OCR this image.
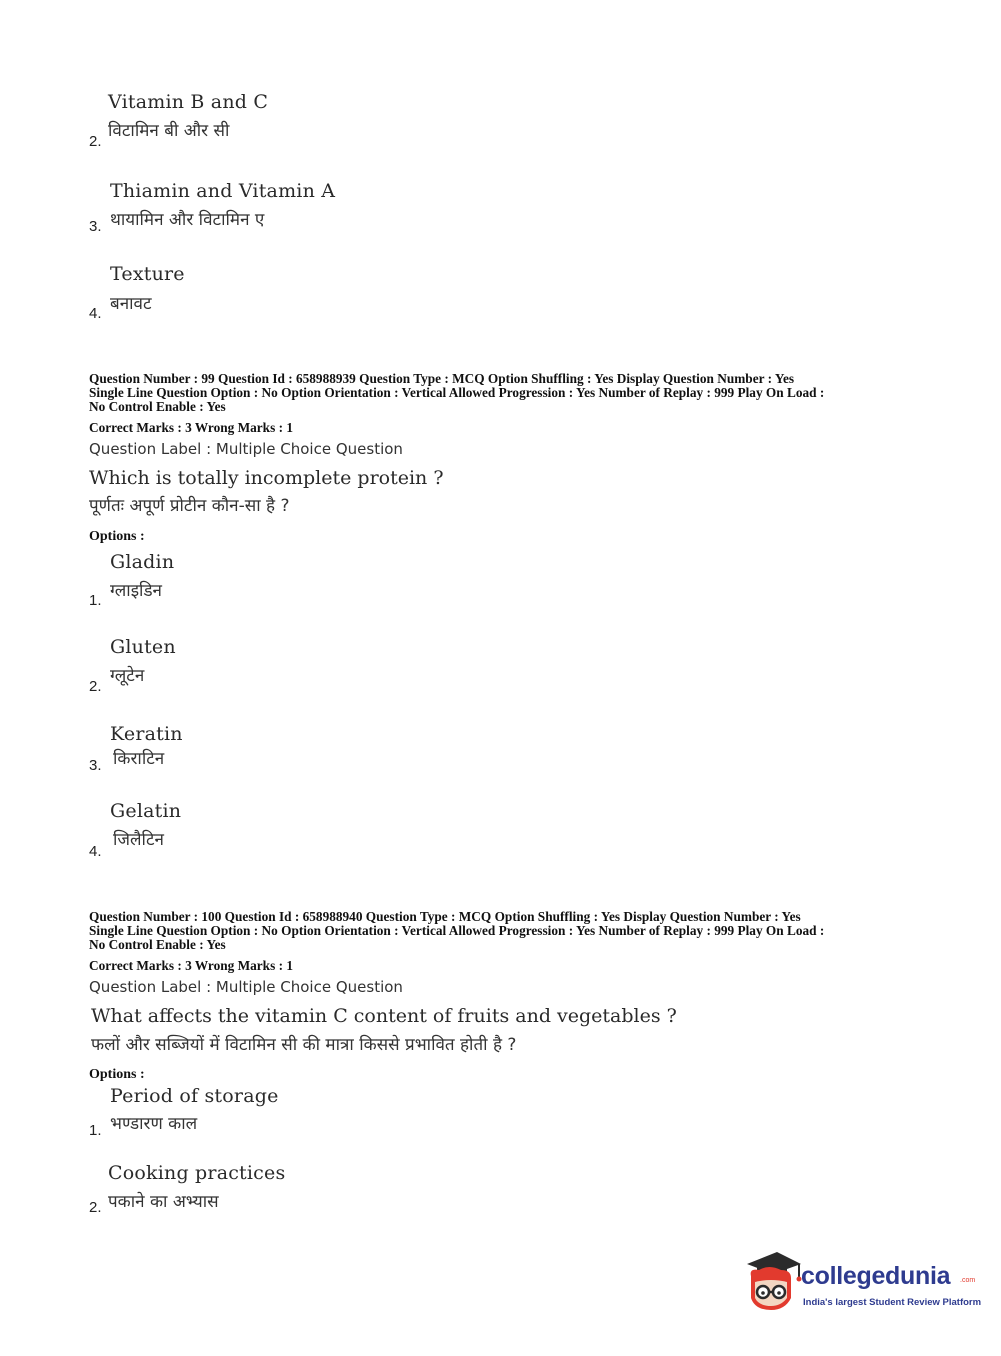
Vitamin B and C
विटामिन बी और सी
2.
Thiamin and Vitamin A
थायामिन और विटामिन ए
3.
Texture
बनावट
4.
Question Number : 99 Question Id : 658988939 Question Type : MCQ Option Shuffling : Yes Display Question Number : Yes
Single Line Question Option : No Option Orientation : Vertical Allowed Progression : Yes Number of Replay : 999 Play On Load :
No Control Enable : Yes
Correct Marks : 3 Wrong Marks : 1
Question Label : Multiple Choice Question
Which is totally incomplete protein ?
पूर्णतः अपूर्ण प्रोटीन कौन-सा है ?
Options :
Gladin
ग्लाइडिन
1.
Gluten
ग्लूटेन
2.
Keratin
किराटिन
3.
Gelatin
जिलैटिन
4.
Question Number : 100 Question Id : 658988940 Question Type : MCQ Option Shuffling : Yes Display Question Number : Yes
Single Line Question Option : No Option Orientation : Vertical Allowed Progression : Yes Number of Replay : 999 Play On Load :
No Control Enable : Yes
Correct Marks : 3 Wrong Marks : 1
Question Label : Multiple Choice Question
What affects the vitamin C content of fruits and vegetables ?
फलों और सब्जियों में विटामिन सी की मात्रा किससे प्रभावित होती है ?
Options :
Period of storage
भण्डारण काल
1.
Cooking practices
पकाने का अभ्यास
2.
collegedunia .com
India's largest Student Review Platform
